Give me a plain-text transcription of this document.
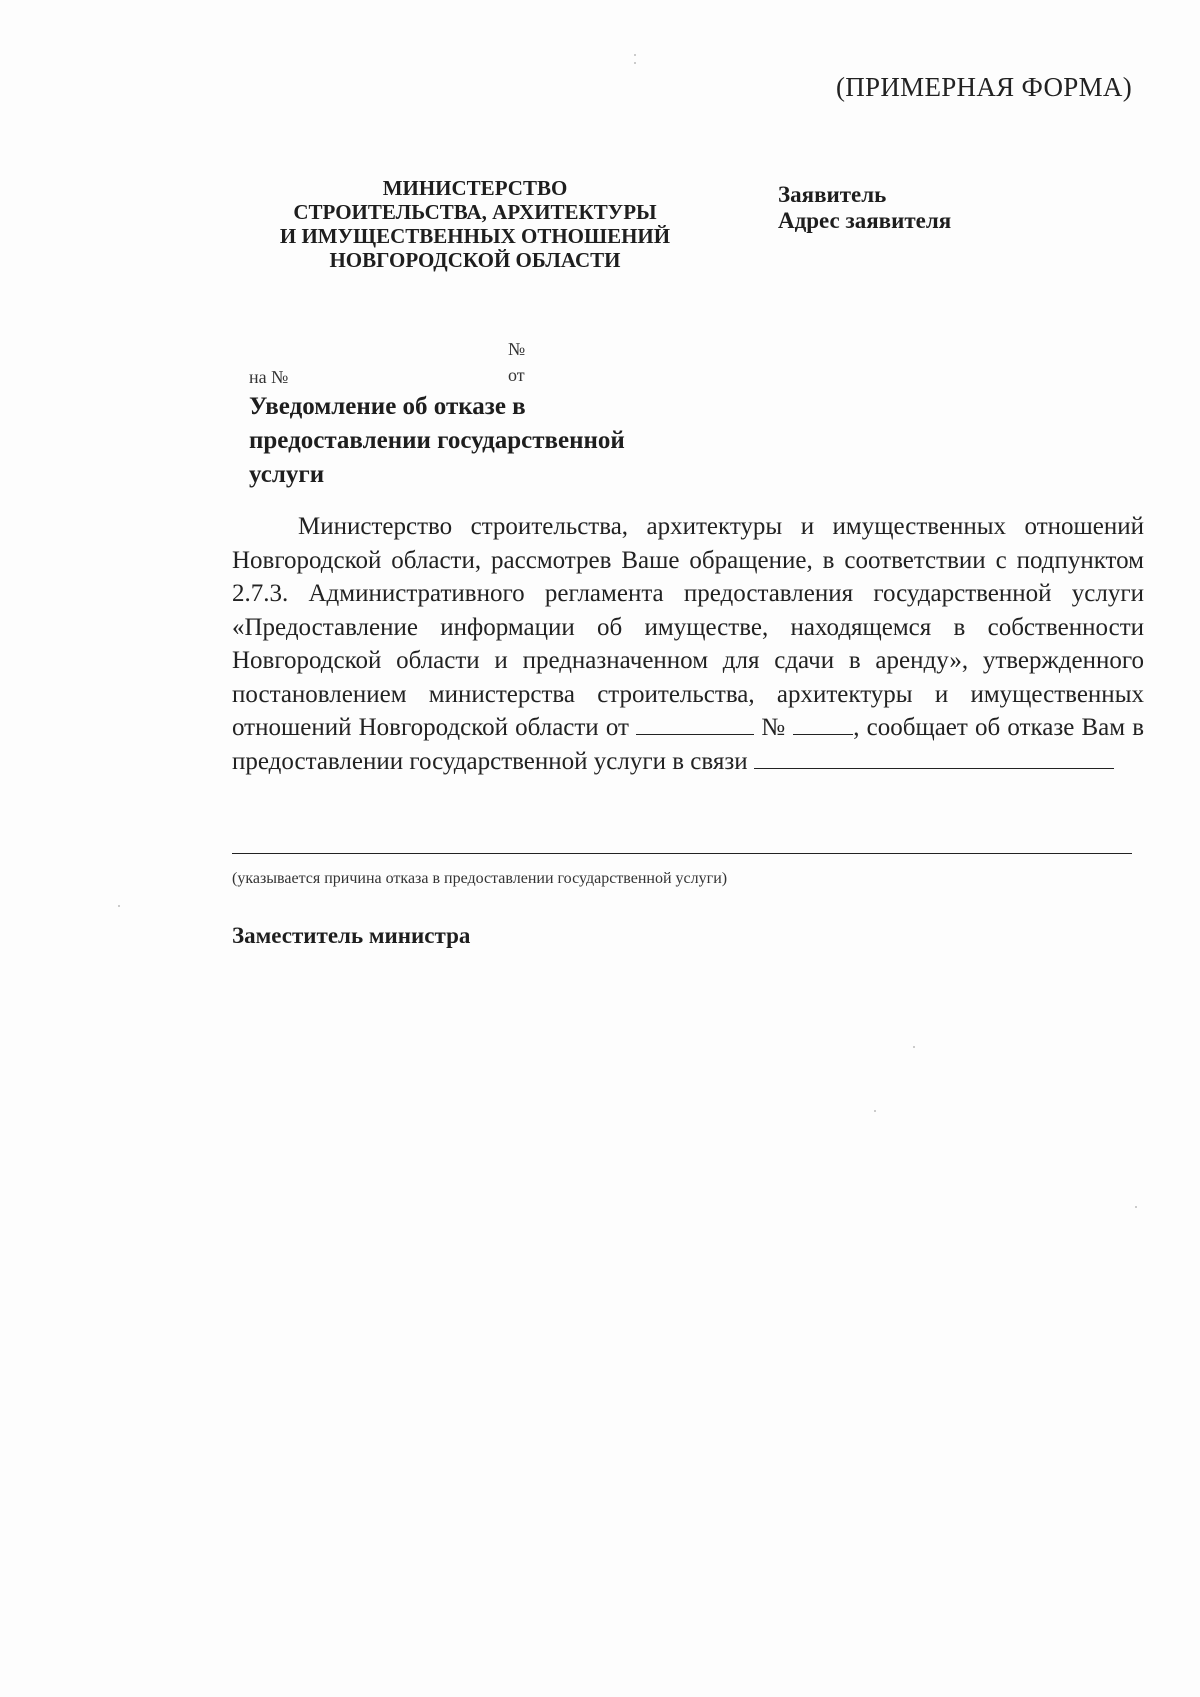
(ПРИМЕРНАЯ ФОРМА)
МИНИСТЕРСТВО
СТРОИТЕЛЬСТВА, АРХИТЕКТУРЫ
И ИМУЩЕСТВЕННЫХ ОТНОШЕНИЙ
НОВГОРОДСКОЙ ОБЛАСТИ
Заявитель
Адрес заявителя
№
от
на №
Уведомление об отказе в предоставлении государственной услуги
Министерство строительства, архитектуры и имущественных отношений Новгородской области, рассмотрев Ваше обращение, в соответствии с подпунктом 2.7.3. Административного регламента предоставления государственной услуги «Предоставление информации об имуществе, находящемся в собственности Новгородской области и предназначенном для сдачи в аренду», утвержденного постановлением министерства строительства, архитектуры и имущественных отношений Новгородской области от	№	, сообщает об отказе Вам в предоставлении государственной услуги в связи
(указывается причина отказа в предоставлении государственной услуги)
Заместитель министра
